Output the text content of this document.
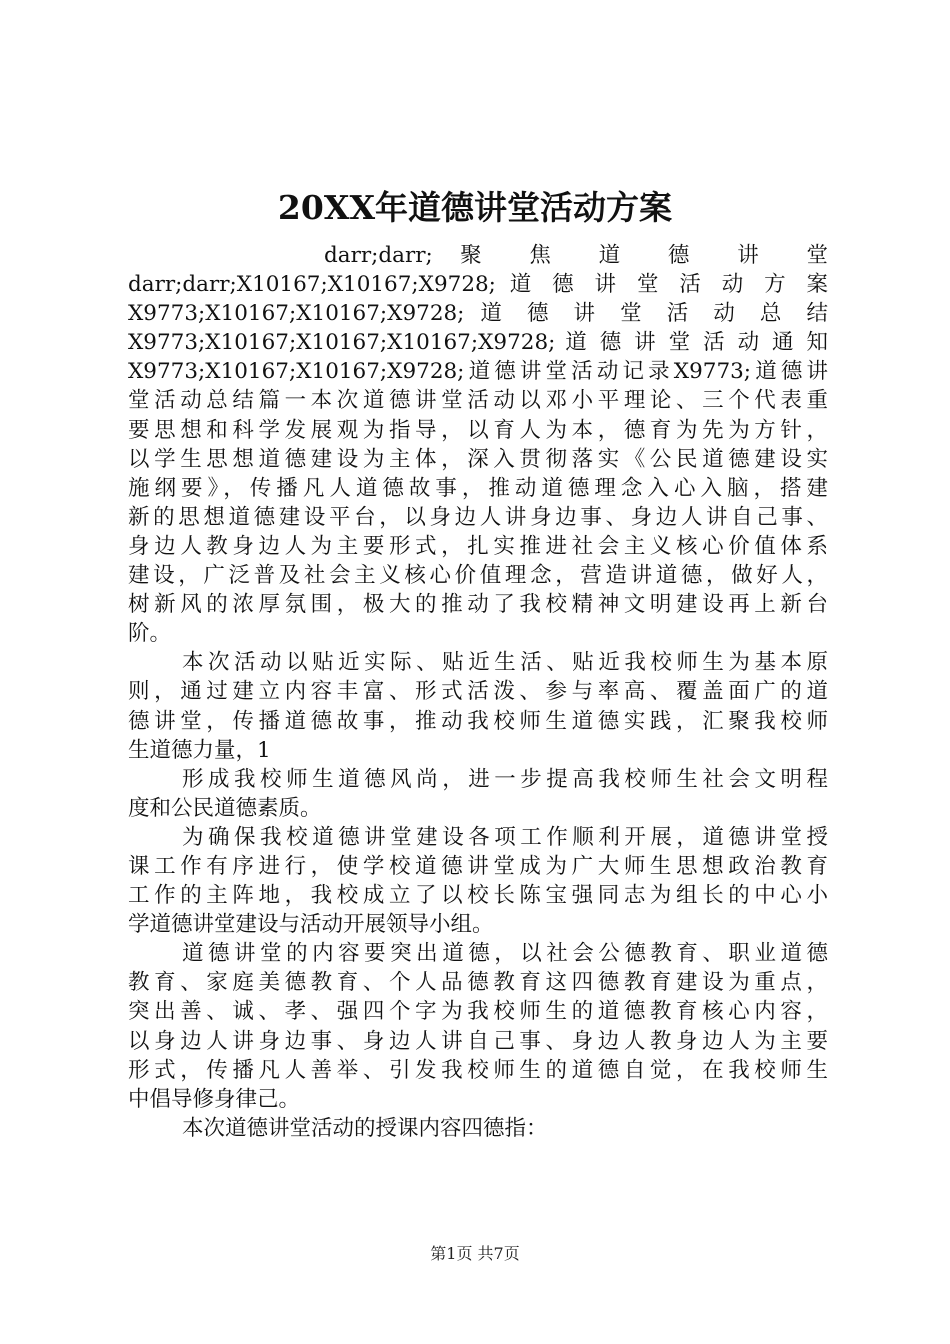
20XX年道德讲堂活动方案
darr;darr; 聚 焦 道 德 讲 堂
darr;darr;X10167;X10167;X9728; 道 德 讲 堂 活 动 方 案
X9773;X10167;X10167;X9728; 道 德 讲 堂 活 动 总 结
X9773;X10167;X10167;X10167;X9728; 道 德 讲 堂 活 动 通 知
X9773;X10167;X10167;X9728;道德讲堂活动记录X9773;道德讲
堂活动总结篇一本次道德讲堂活动以邓小平理论、三个代表重
要思想和科学发展观为指导，以育人为本，德育为先为方针，
以学生思想道德建设为主体，深入贯彻落实《公民道德建设实
施纲要》，传播凡人道德故事，推动道德理念入心入脑，搭建
新的思想道德建设平台，以身边人讲身边事、身边人讲自己事、
身边人教身边人为主要形式，扎实推进社会主义核心价值体系
建设，广泛普及社会主义核心价值理念，营造讲道德，做好人，
树新风的浓厚氛围，极大的推动了我校精神文明建设再上新台
阶。
本次活动以贴近实际、贴近生活、贴近我校师生为基本原
则，通过建立内容丰富、形式活泼、参与率高、覆盖面广的道
德讲堂，传播道德故事，推动我校师生道德实践，汇聚我校师
生道德力量，1
形成我校师生道德风尚，进一步提高我校师生社会文明程
度和公民道德素质。
为确保我校道德讲堂建设各项工作顺利开展，道德讲堂授
课工作有序进行，使学校道德讲堂成为广大师生思想政治教育
工作的主阵地，我校成立了以校长陈宝强同志为组长的中心小
学道德讲堂建设与活动开展领导小组。
道德讲堂的内容要突出道德，以社会公德教育、职业道德
教育、家庭美德教育、个人品德教育这四德教育建设为重点，
突出善、诚、孝、强四个字为我校师生的道德教育核心内容，
以身边人讲身边事、身边人讲自己事、身边人教身边人为主要
形式，传播凡人善举、引发我校师生的道德自觉，在我校师生
中倡导修身律己。
本次道德讲堂活动的授课内容四德指：
第1页 共7页
